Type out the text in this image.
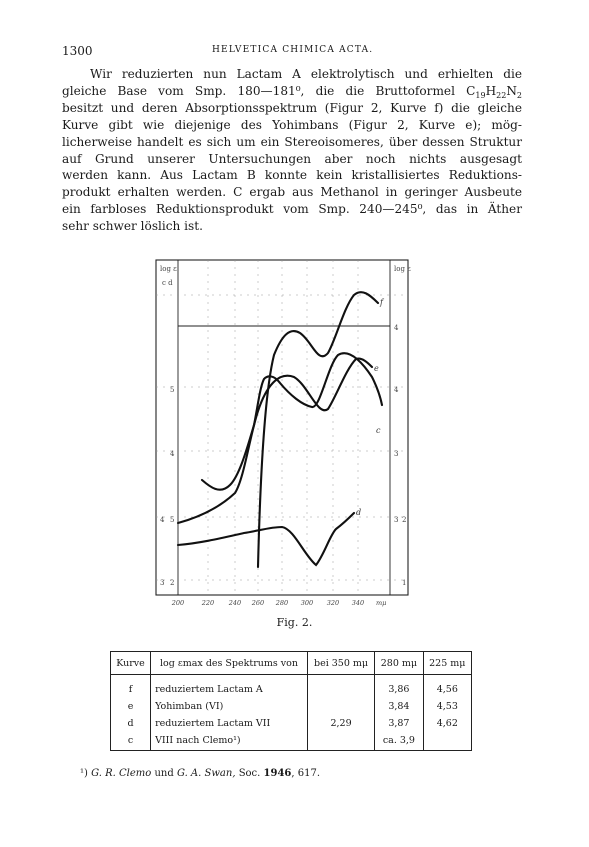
1300	HELVETICA CHIMICA ACTA.
Wir reduzierten nun Lactam A elektrolytisch und erhielten die
gleiche Base vom Smp. 180—181⁰, die die Bruttoformel $C_{19}H_{22}N_2$
besitzt und deren Absorptionsspektrum (Figur 2, Kurve f) die gleiche
Kurve gibt wie diejenige des Yohimbans (Figur 2, Kurve e); mög-
licherweise handelt es sich um ein Stereoisomeres, über dessen Struktur
auf Grund unserer Untersuchungen aber noch nichts ausgesagt
werden kann. Aus Lactam B konnte kein kristallisiertes Reduktions-
produkt erhalten werden. C ergab aus Methanol in geringer Ausbeute
ein farbloses Reduktionsprodukt vom Smp. 240—245⁰, das in Äther
sehr schwer löslich ist.
f
e
c
d
log ε
c d
5
4
4
3
5
2
log ε
4
4
3
3 2
1
200	220 240 260 280 300 320 340 mμ
Fig. 2.
Kurve	log εmax des Spektrums von	bei 350 mμ	280 mμ	225 mμ
f	reduziertem Lactam A		3,86	4,56
e	Yohimban (VI)		3,84	4,53
d	reduziertem Lactam VII	2,29	3,87	4,62
c	VIII nach Clemo¹)		ca. 3,9	
¹) G. R. Clemo und G. A. Swan, Soc. 1946, 617.
